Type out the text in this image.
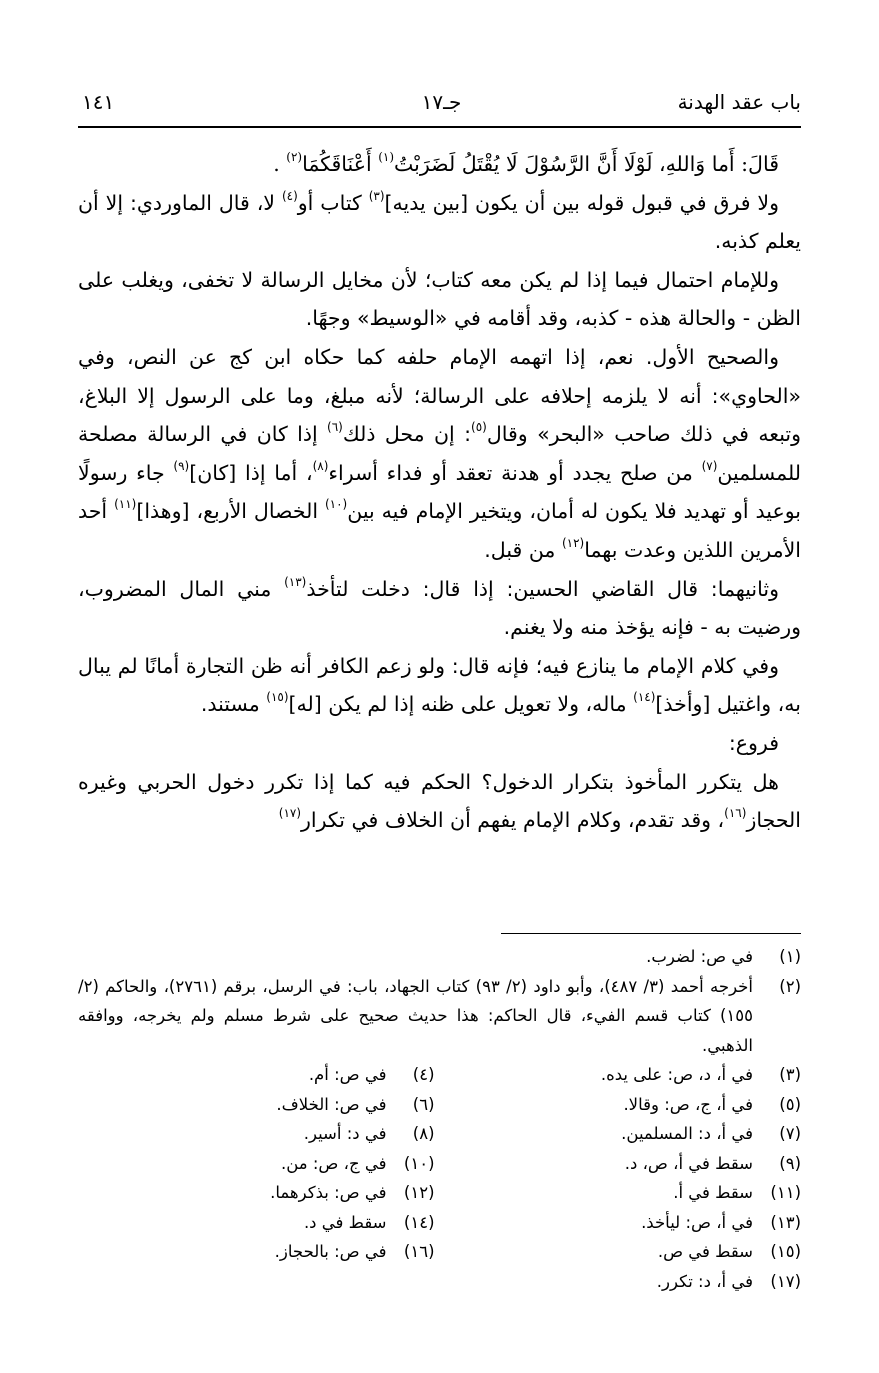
باب عقد الهدنة
جـ١٧
١٤١

قَالَ: أَما وَاللهِ، لَوْلَا أَنَّ الرَّسُوْلَ لَا يُقْتَلُ لَضَرَبْتُ$^{(١)}$ أَعْنَاقَكُمَا$^{(٢)}$ .

ولا فرق في قبول قوله بين أن يكون [بين يديه]$^{(٣)}$ كتاب أو$^{(٤)}$ لا، قال الماوردي: إلا أن يعلم كذبه.

وللإمام احتمال فيما إذا لم يكن معه كتاب؛ لأن مخايل الرسالة لا تخفى، ويغلب على الظن - والحالة هذه - كذبه، وقد أقامه في «الوسيط» وجهًا.

والصحيح الأول. نعم، إذا اتهمه الإمام حلفه كما حكاه ابن كج عن النص، وفي «الحاوي»: أنه لا يلزمه إحلافه على الرسالة؛ لأنه مبلغ، وما على الرسول إلا البلاغ، وتبعه في ذلك صاحب «البحر» وقال$^{(٥)}$: إن محل ذلك$^{(٦)}$ إذا كان في الرسالة مصلحة للمسلمين$^{(٧)}$ من صلح يجدد أو هدنة تعقد أو فداء أسراء$^{(٨)}$، أما إذا [كان]$^{(٩)}$ جاء رسولًا بوعيد أو تهديد فلا يكون له أمان، ويتخير الإمام فيه بين$^{(١٠)}$ الخصال الأربع، [وهذا]$^{(١١)}$ أحد الأمرين اللذين وعدت بهما$^{(١٢)}$ من قبل.

وثانيهما: قال القاضي الحسين: إذا قال: دخلت لتأخذ$^{(١٣)}$ مني المال المضروب، ورضيت به - فإنه يؤخذ منه ولا يغنم.

وفي كلام الإمام ما ينازع فيه؛ فإنه قال: ولو زعم الكافر أنه ظن التجارة أمانًا لم يبال به، واغتيل [وأخذ]$^{(١٤)}$ ماله، ولا تعويل على ظنه إذا لم يكن [له]$^{(١٥)}$ مستند.

فروع:

هل يتكرر المأخوذ بتكرار الدخول؟ الحكم فيه كما إذا تكرر دخول الحربي وغيره الحجاز$^{(١٦)}$، وقد تقدم، وكلام الإمام يفهم أن الخلاف في تكرار$^{(١٧)}$

(١)
في ص: لضرب.
(٢)
أخرجه أحمد (٣/ ٤٨٧)، وأبو داود (٢/ ٩٣) كتاب الجهاد، باب: في الرسل، برقم (٢٧٦١)، والحاكم (٢/ ١٥٥) كتاب قسم الفيء، قال الحاكم: هذا حديث صحيح على شرط مسلم ولم يخرجه، ووافقه الذهبي.
(٣)
في أ، د، ص: على يده.
(٤)
في ص: أم.
(٥)
في أ، ج، ص: وقالا.
(٦)
في ص: الخلاف.
(٧)
في أ، د: المسلمين.
(٨)
في د: أسير.
(٩)
سقط في أ، ص، د.
(١٠)
في ج، ص: من.
(١١)
سقط في أ.
(١٢)
في ص: بذكرهما.
(١٣)
في أ، ص: ليأخذ.
(١٤)
سقط في د.
(١٥)
سقط في ص.
(١٦)
في ص: بالحجاز.
(١٧)
في أ، د: تكرر.
